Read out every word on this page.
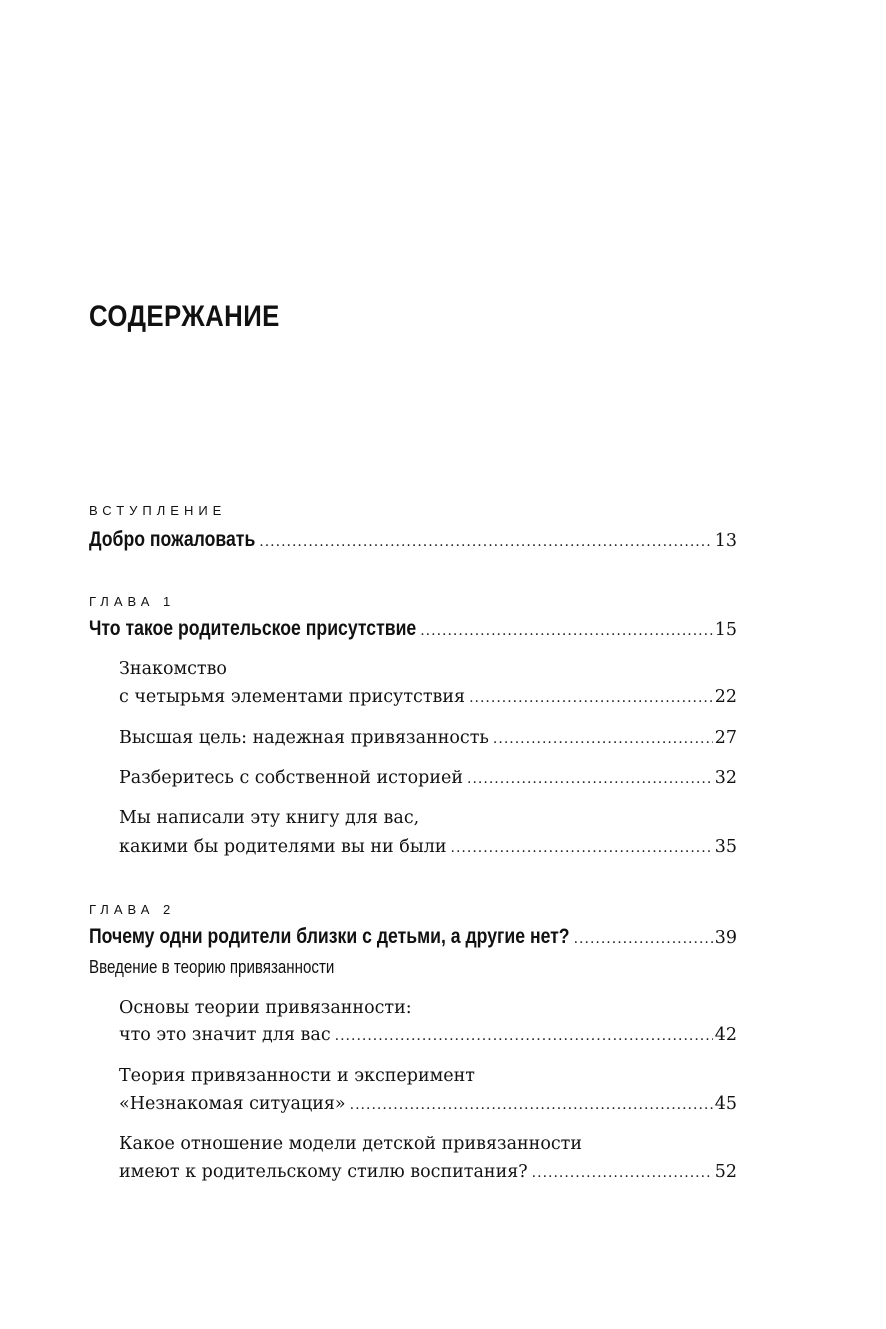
СОДЕРЖАНИЕ
ВСТУПЛЕНИЕ
Добро пожаловать .....	13
ГЛАВА 1
Что такое родительское присутствие .....	15
Знакомство
с четырьмя элементами присутствия .....	22
Высшая цель: надежная привязанность .....	27
Разберитесь с собственной историей .....	32
Мы написали эту книгу для вас,
какими бы родителями вы ни были .....	35
ГЛАВА 2
Почему одни родители близки с детьми, а другие нет? .....	39
Введение в теорию привязанности
Основы теории привязанности:
что это значит для вас .....	42
Теория привязанности и эксперимент
«Незнакомая ситуация» .....	45
Какое отношение модели детской привязанности
имеют к родительскому стилю воспитания? .....	52
